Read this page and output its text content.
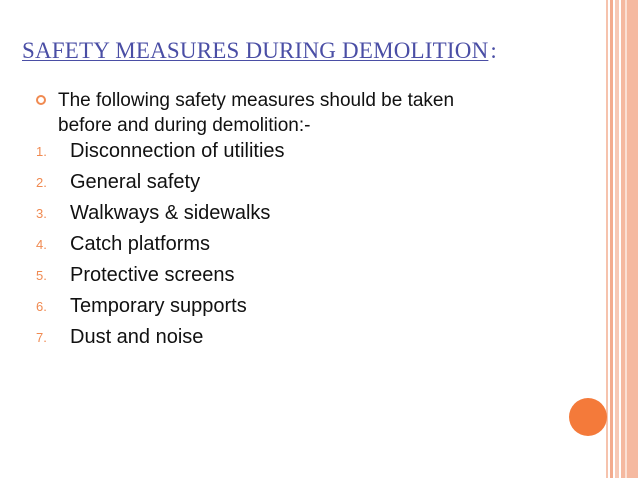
SAFETY MEASURES DURING DEMOLITION:
The following safety measures should be taken before and during demolition:-
1. Disconnection of utilities
2. General safety
3. Walkways & sidewalks
4. Catch platforms
5. Protective screens
6. Temporary supports
7. Dust and noise
